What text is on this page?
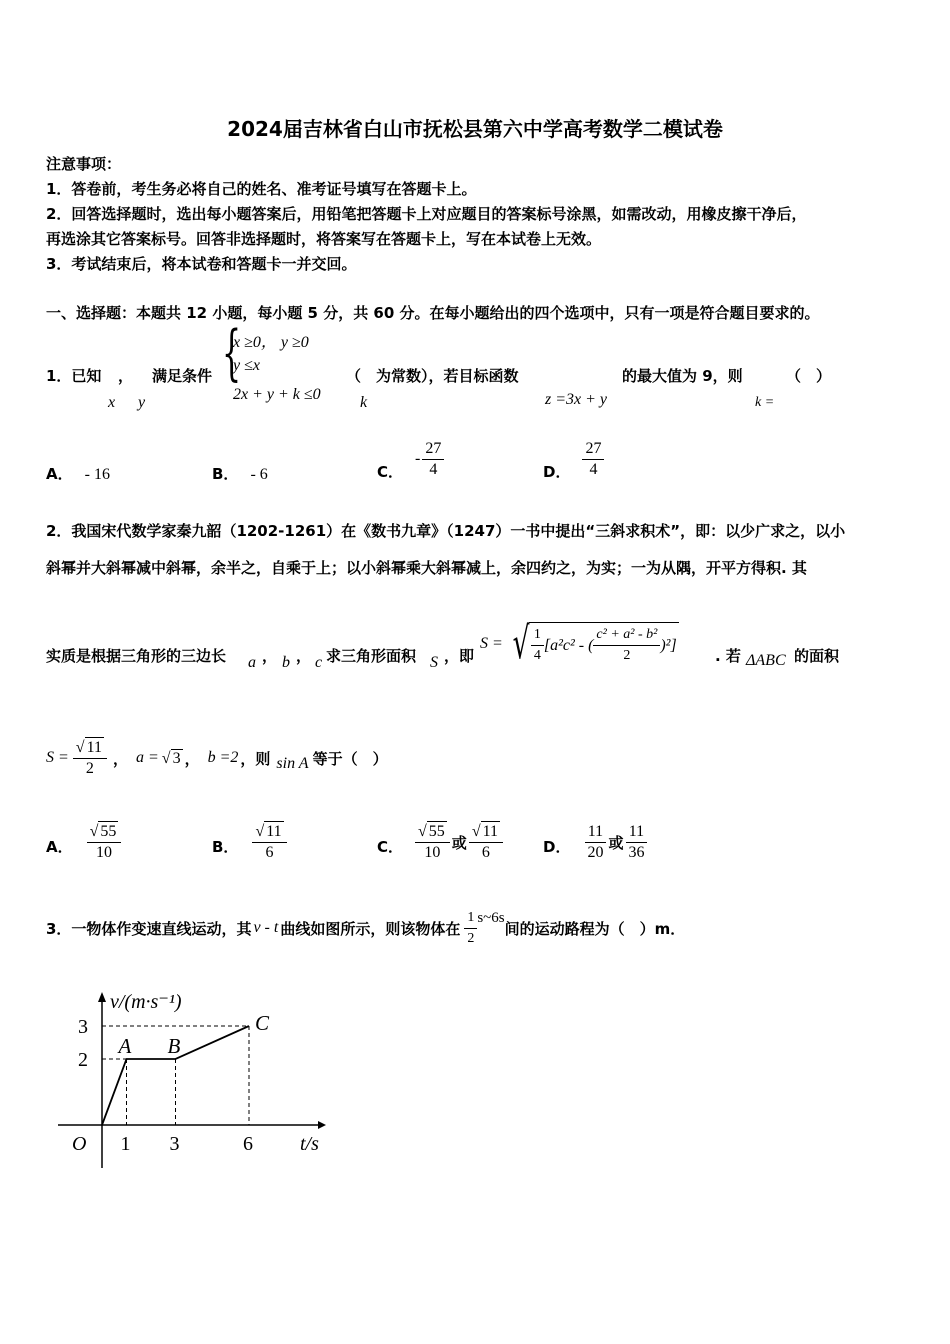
2024届吉林省白山市抚松县第六中学高考数学二模试卷
注意事项：
1．答卷前，考生务必将自己的姓名、准考证号填写在答题卡上。
2．回答选择题时，选出每小题答案后，用铅笔把答题卡上对应题目的答案标号涂黑，如需改动，用橡皮擦干净后，
再选涂其它答案标号。回答非选择题时，将答案写在答题卡上，写在本试卷上无效。
3．考试结束后，将本试卷和答题卡一并交回。
一、选择题：本题共 12 小题，每小题 5 分，共 60 分。在每小题给出的四个选项中，只有一项是符合题目要求的。
1．已知 ， 满足条件
x y
{
x ≥0， y ≥0
y ≤x
2x + y + k ≤0
（　为常数），若目标函数
k	z =3x + y
的最大值为 9，则	（　）
k =
A． - 16	B． - 6	C．
- $\frac{27}{4}$	D． $\frac{27}{4}$
2．我国宋代数学家秦九韶（1202-1261）在《数书九章》（1247）一书中提出“三斜求积术”，即：以少广求之，以小
斜幂并大斜幂减中斜幂，余半之，自乘于上；以小斜幂乘大斜幂减上，余四约之，为实；一为从隅，开平方得积. 其
实质是根据三角形的三边长 a ， b ， c 求三角形面积 S ，即
S = √ $\frac{1}{4} [a^2c^2$ - ( $\frac{\text{c² + a² - b²}}{2} )^2$]
. 若 ΔABC 的面积
$S = \frac{√ 11}{2}$ ， a = √ 3 ， b =2 ，则 sin A 等于（　）
A． $\frac{√ 55}{10}$	B． $\frac{√ 11}{6}$	C． $\frac{√ 55}{10}$ 或 $\frac{√ 11}{6}$	D． $\frac{11}{20}$ 或 $\frac{11}{36}$
3．一物体作变速直线运动，其 v - t 曲线如图所示，则该物体在 $\frac{1}{2}$ s~6s
间的运动路程为（　）m．
v/(m·s⁻¹)
t/s
O 1 3	6
2
3
A B
C
